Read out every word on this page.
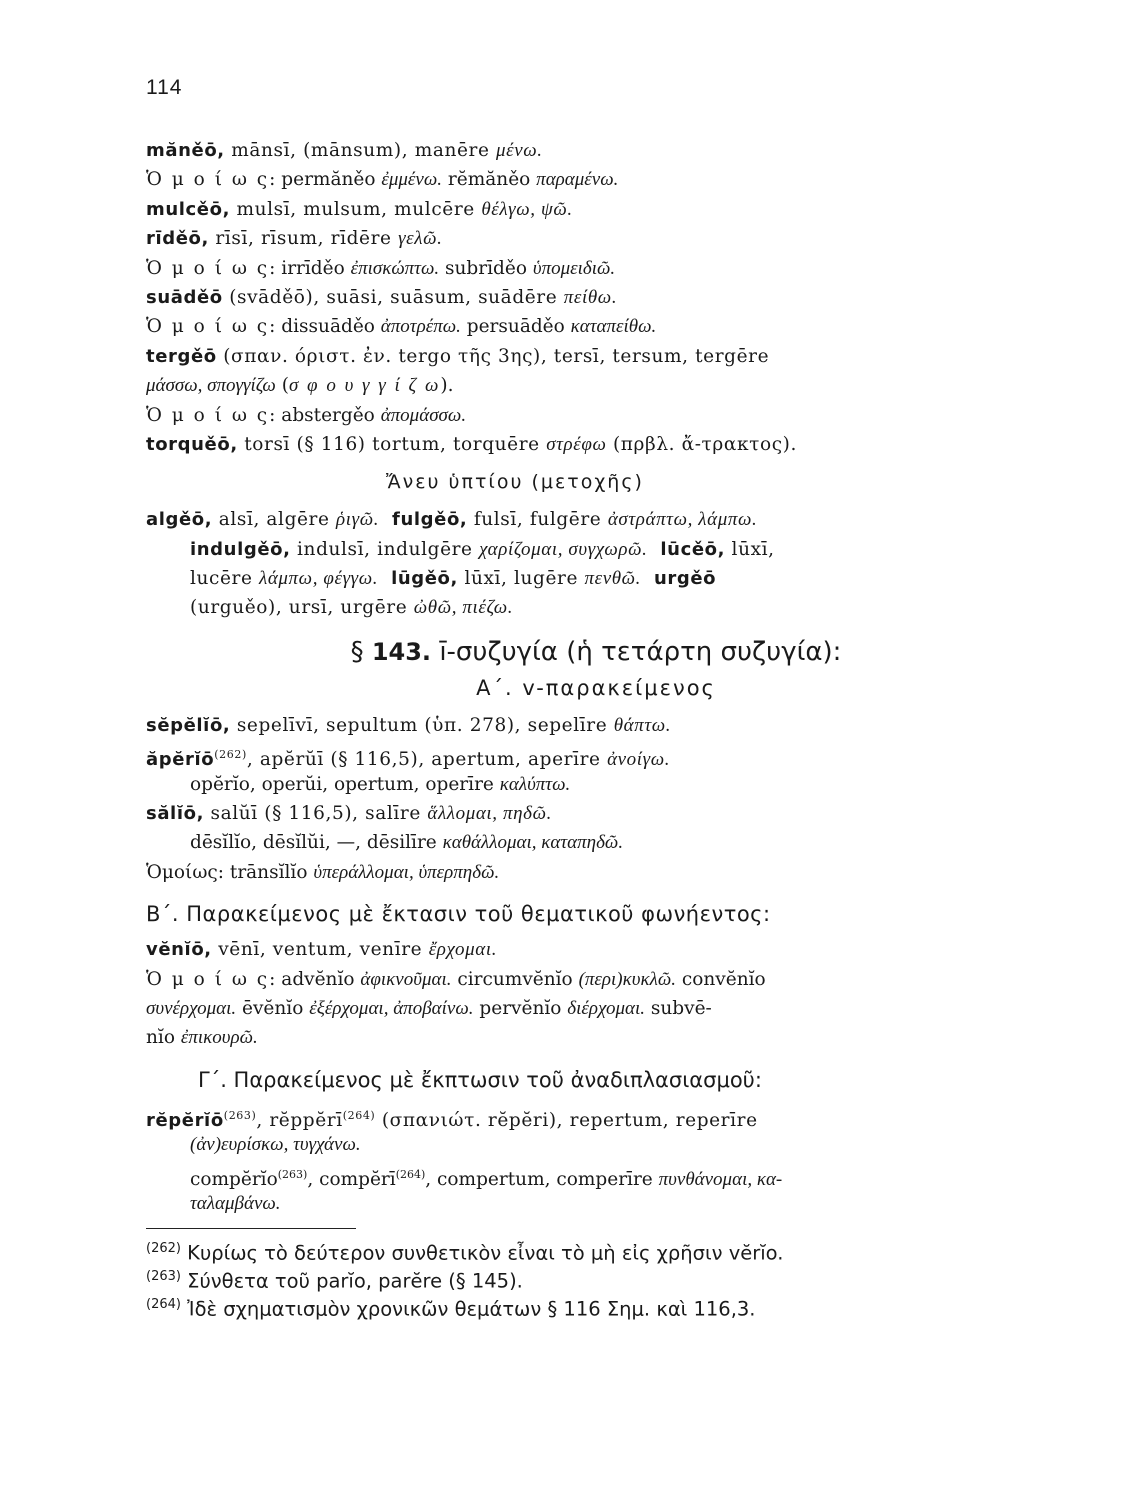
114
măněō, mānsī, (mānsum), manēre μένω.
Ὁ μ ο ί ω ς: permăněo ἐμμένω. rĕmăněo παραμένω.
mulcěō, mulsī, mulsum, mulcēre θέλγω, ψῶ.
rīděō, rīsī, rīsum, rīdēre γελῶ.
Ὁ μ ο ί ω ς: irrīděo ἐπισκώπτω. subrīděo ὑπομειδιῶ.
suāděō (svāděō), suāsi, suāsum, suādēre πείθω.
Ὁ μ ο ί ω ς: dissuāděo ἀποτρέπω. persuāděo καταπείθω.
tergěō (σπαν. όριστ. ἐν. tergo τῆς 3ης), tersī, tersum, tergēre
μάσσω, σπογγίζω (σ φ ο υ γ γ ί ζ ω).
Ὁ μ ο ί ω ς: abstergěo ἀπομάσσω.
torquěō, torsī (§ 116) tortum, torquēre στρέφω (πρβλ. ἄ-τρακτος).
Ἄνευ ὑπτίου (μετοχῆς)
algěō, alsī, algēre ῥιγῶ. fulgěō, fulsī, fulgēre ἀστράπτω, λάμπω.
indulgěō, indulsī, indulgēre χαρίζομαι, συγχωρῶ. lūcěō, lūxī,
lucēre λάμπω, φέγγω. lūgěō, lūxī, lugēre πενθῶ. urgěō
(urguěo), ursī, urgēre ὠθῶ, πιέζω.
§ 143. ī-συζυγία (ἡ τετάρτη συζυγία):
Α΄. v-παρακείμενος
sĕpĕlĭō, sepelīvī, sepultum (ὑπ. 278), sepelīre θάπτω.
ăpĕrĭō$^{(262)}$, apĕrŭī (§ 116,5), apertum, aperīre ἀνοίγω.
opĕrĭo, operŭi, opertum, operīre καλύπτω.
sălĭō, salŭī (§ 116,5), salīre ἅλλομαι, πηδῶ.
dēsĭlĭo, dēsĭlŭi, —, dēsilīre καθάλλομαι, καταπηδῶ.
Ὁμοίως: trānsĭlĭo ὑπεράλλομαι, ὑπερπηδῶ.
Β΄. Παρακείμενος μὲ ἔκτασιν τοῦ θεματικοῦ φωνήεντος:
vĕnĭō, vēnī, ventum, venīre ἔρχομαι.
Ὁ μ ο ί ω ς: advĕnĭo ἀφικνοῦμαι. circumvĕnĭo (περι)κυκλῶ. convĕnĭo
συνέρχομαι. ēvĕnĭo ἐξέρχομαι, ἀποβαίνω. pervĕnĭo διέρχομαι. subvē-
nĭo ἐπικουρῶ.
Γ΄. Παρακείμενος μὲ ἔκπτωσιν τοῦ ἀναδιπλασιασμοῦ:
rĕpĕrĭō$^{(263)}$, rĕppĕrī$^{(264)}$ (σπανιώτ. rĕpĕri), repertum, reperīre
(ἀν)ευρίσκω, τυγχάνω.
compĕrĭo$^{(263)}$, compĕrī$^{(264)}$, compertum, comperīre πυνθάνομαι, κα-
ταλαμβάνω.
$^{(262)}$ Κυρίως τὸ δεύτερον συνθετικὸν εἶναι τὸ μὴ εἰς χρῆσιν vĕrĭo.
$^{(263)}$ Σύνθετα τοῦ parĭo, parĕre (§ 145).
$^{(264)}$ Ἰδὲ σχηματισμὸν χρονικῶν θεμάτων § 116 Σημ. καὶ 116,3.
